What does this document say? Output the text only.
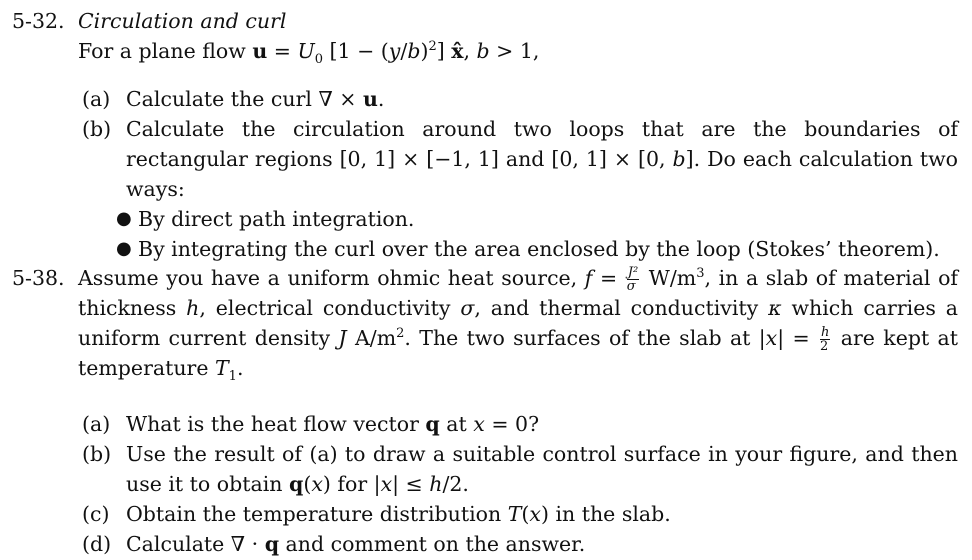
5-32. Circulation and curl
For a plane flow $u = U_0$ $[1 - (y/b)^2]$ x̂, b > 1,
(a) Calculate the curl ∇ × u.
(b) Calculate the circulation around two loops that are the boundaries of rectangular regions [0, 1] × [−1, 1] and [0, 1] × [0, b]. Do each calculation two ways:
● By direct path integration.
● By integrating the curl over the area enclosed by the loop (Stokes’ theorem).
5-38. Assume you have a uniform ohmic heat source, $f = \frac{\text{J²}}{\sigma} W/m^3$, in a slab of material of thickness h, electrical conductivity σ, and thermal conductivity κ which carries a uniform current density J $A/m^2$. The two surfaces of the slab at $|x| = \frac{h}{2}$ are kept at temperature $T_1$.
(a) What is the heat flow vector q at x = 0?
(b) Use the result of (a) to draw a suitable control surface in your figure, and then use it to obtain q(x) for |x| ≤ h/2.
(c) Obtain the temperature distribution T(x) in the slab.
(d) Calculate ∇ · q and comment on the answer.
